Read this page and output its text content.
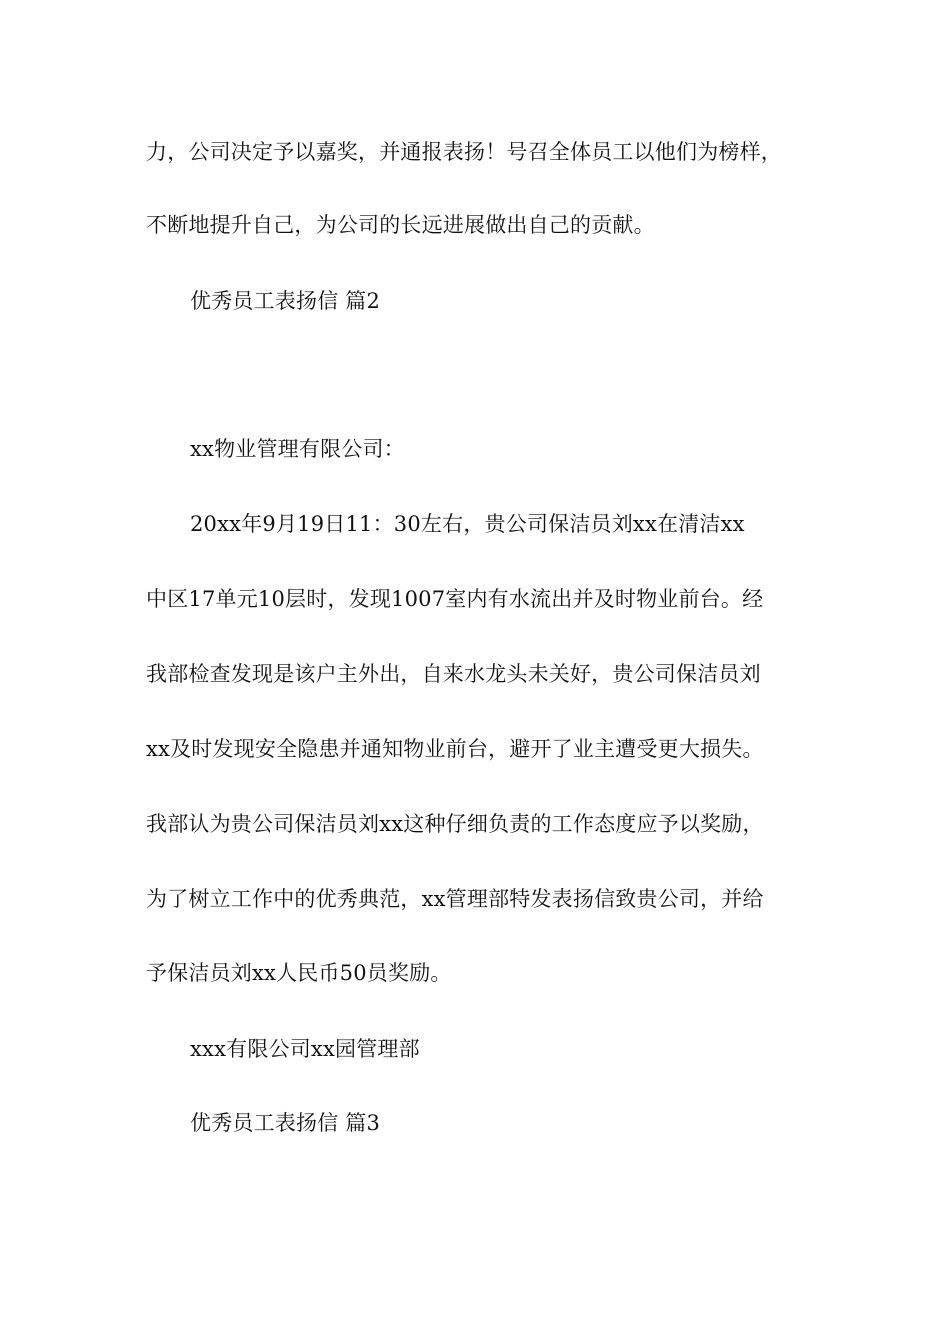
力，公司决定予以嘉奖，并通报表扬！号召全体员工以他们为榜样，
不断地提升自己，为公司的长远进展做出自己的贡献。
优秀员工表扬信 篇2
xx物业管理有限公司：
20xx年9月19日11：30左右，贵公司保洁员刘xx在清洁xx
中区17单元10层时，发现1007室内有水流出并及时物业前台。经
我部检查发现是该户主外出，自来水龙头未关好，贵公司保洁员刘
xx及时发现安全隐患并通知物业前台，避开了业主遭受更大损失。
我部认为贵公司保洁员刘xx这种仔细负责的工作态度应予以奖励，
为了树立工作中的优秀典范，xx管理部特发表扬信致贵公司，并给
予保洁员刘xx人民币50员奖励。
xxx有限公司xx园管理部
优秀员工表扬信 篇3
